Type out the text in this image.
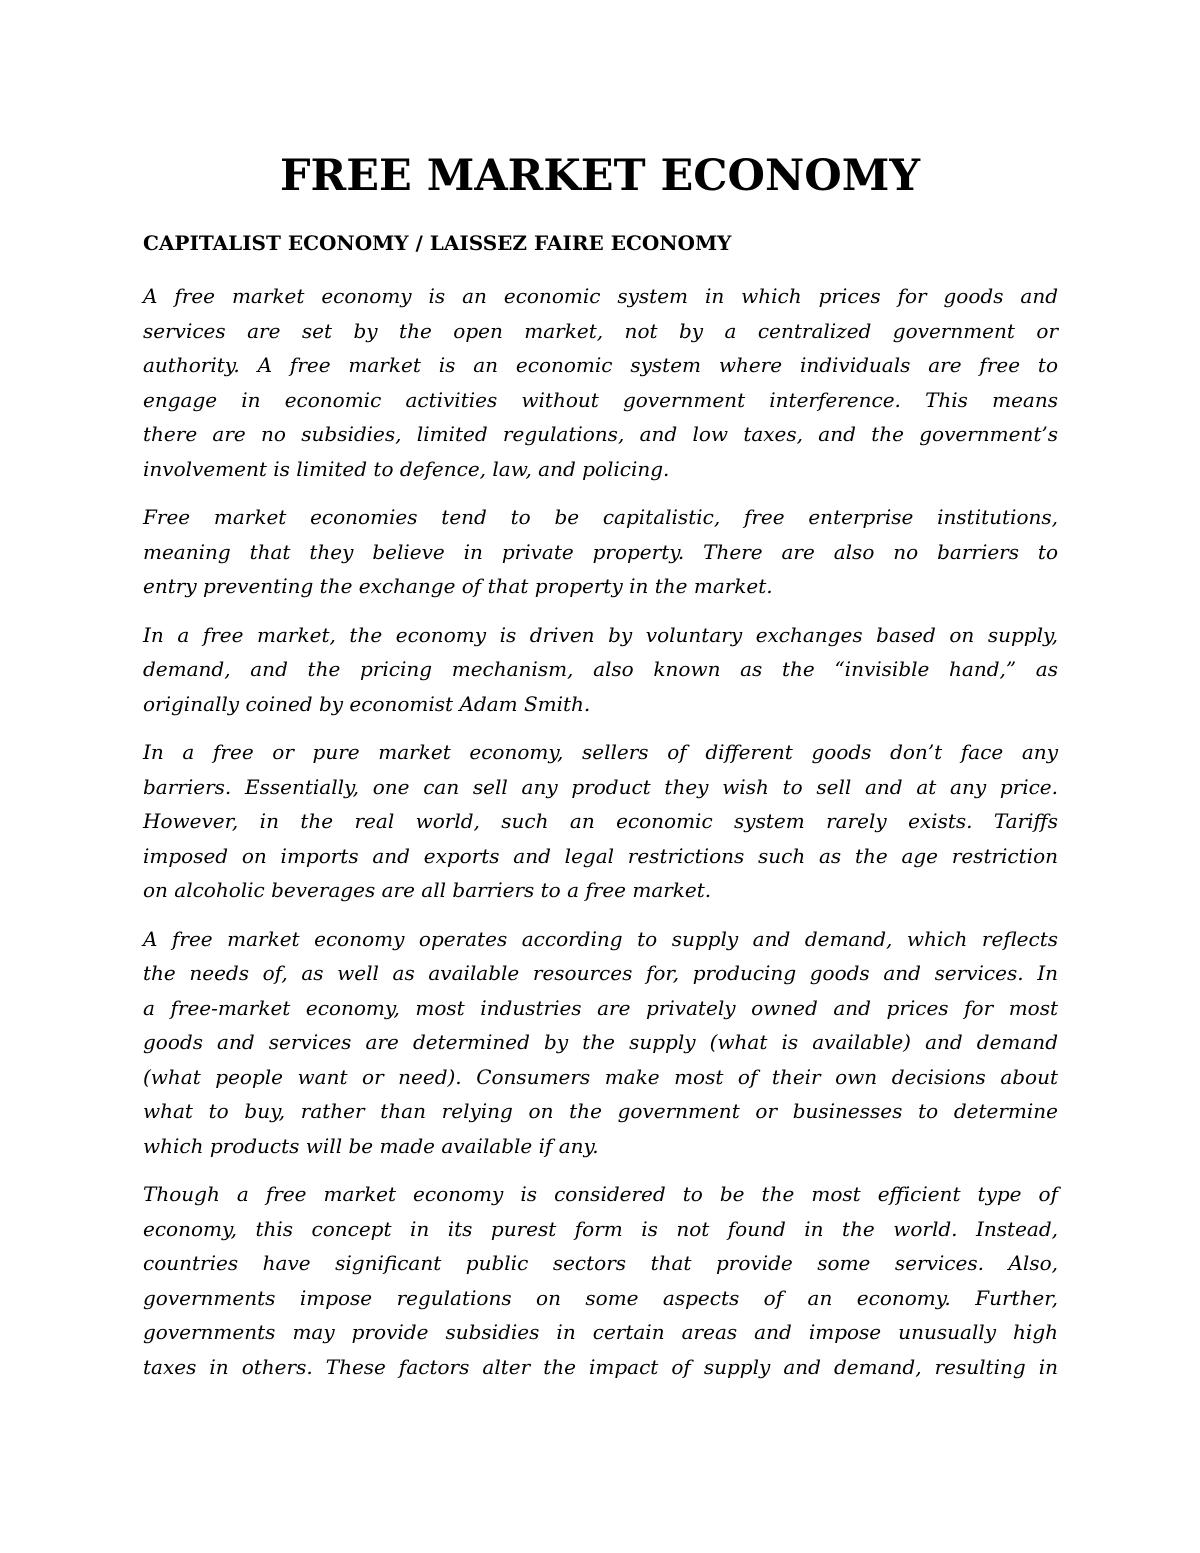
FREE MARKET ECONOMY
CAPITALIST ECONOMY / LAISSEZ FAIRE ECONOMY

A free market economy is an economic system in which prices for goods and
services are set by the open market, not by a centralized government or
authority. A free market is an economic system where individuals are free to
engage in economic activities without government interference. This means
there are no subsidies, limited regulations, and low taxes, and the government’s
involvement is limited to defence, law, and policing.

Free market economies tend to be capitalistic, free enterprise institutions,
meaning that they believe in private property. There are also no barriers to
entry preventing the exchange of that property in the market.

In a free market, the economy is driven by voluntary exchanges based on supply,
demand, and the pricing mechanism, also known as the “invisible hand,” as
originally coined by economist Adam Smith.

In a free or pure market economy, sellers of different goods don’t face any
barriers. Essentially, one can sell any product they wish to sell and at any price.
However, in the real world, such an economic system rarely exists. Tariffs
imposed on imports and exports and legal restrictions such as the age restriction
on alcoholic beverages are all barriers to a free market.

A free market economy operates according to supply and demand, which reflects
the needs of, as well as available resources for, producing goods and services. In
a free-market economy, most industries are privately owned and prices for most
goods and services are determined by the supply (what is available) and demand
(what people want or need). Consumers make most of their own decisions about
what to buy, rather than relying on the government or businesses to determine
which products will be made available if any.

Though a free market economy is considered to be the most efficient type of
economy, this concept in its purest form is not found in the world. Instead,
countries have significant public sectors that provide some services. Also,
governments impose regulations on some aspects of an economy. Further,
governments may provide subsidies in certain areas and impose unusually high
taxes in others. These factors alter the impact of supply and demand, resulting in
